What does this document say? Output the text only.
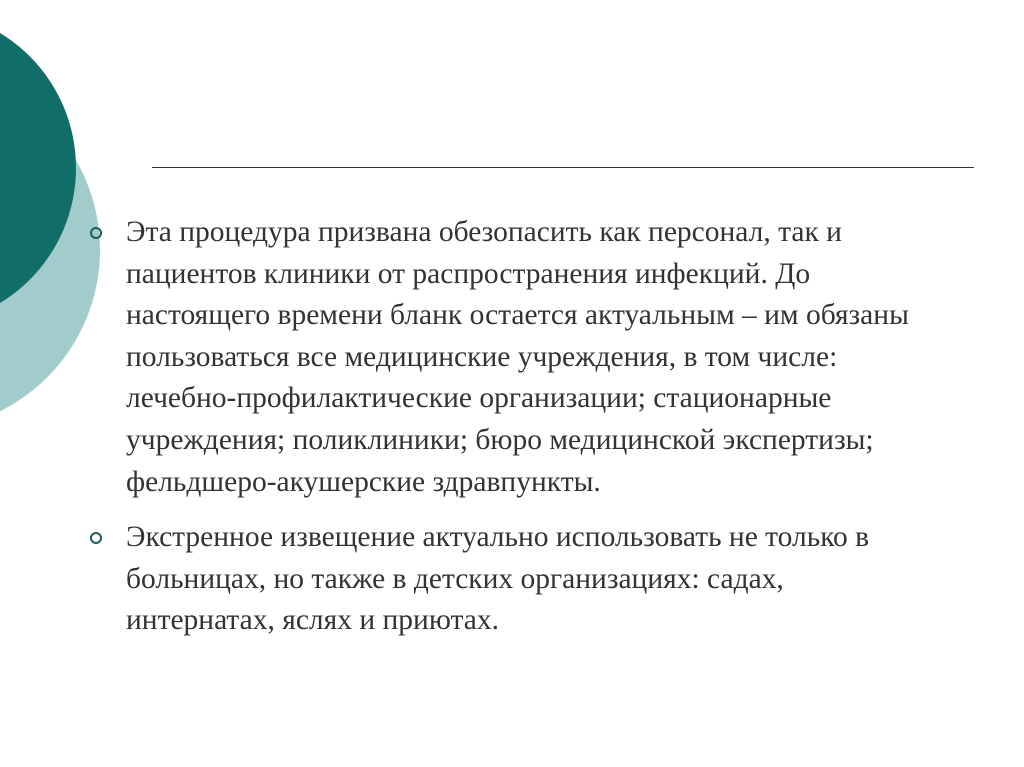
Эта процедура призвана обезопасить как персонал, так и пациентов клиники от распространения инфекций. До настоящего времени бланк остается актуальным – им обязаны пользоваться все медицинские учреждения, в том числе: лечебно-профилактические организации; стационарные учреждения; поликлиники; бюро медицинской экспертизы; фельдшеро-акушерские здравпункты.
Экстренное извещение актуально использовать не только в больницах, но также в детских организациях: садах, интернатах, яслях и приютах.
